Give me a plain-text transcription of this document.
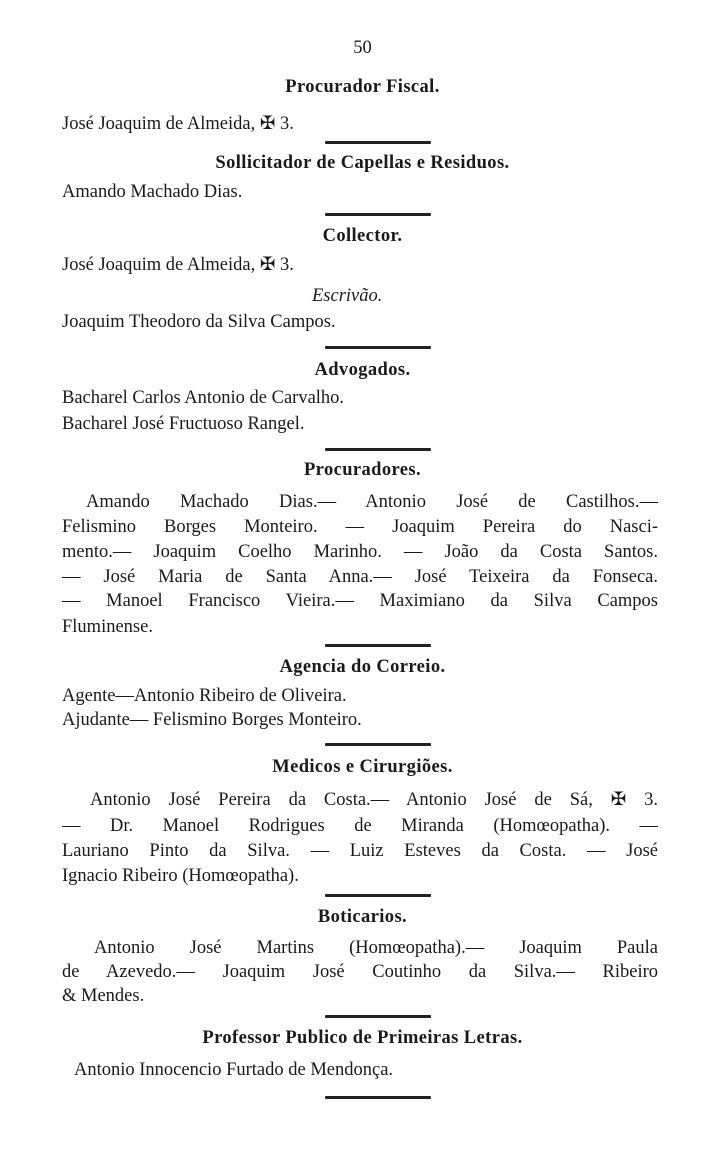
50
Procurador Fiscal.
José Joaquim de Almeida, ✠ 3.
Sollicitador de Capellas e Residuos.
Amando Machado Dias.
Collector.
José Joaquim de Almeida, ✠ 3.
Escrivão.
Joaquim Theodoro da Silva Campos.
Advogados.
Bacharel Carlos Antonio de Carvalho.
Bacharel José Fructuoso Rangel.
Procuradores.
Amando Machado Dias.— Antonio José de Castilhos.—
Felismino Borges Monteiro. — Joaquim Pereira do Nasci-
mento.— Joaquim Coelho Marinho. — João da Costa Santos.
— José Maria de Santa Anna.— José Teixeira da Fonseca.
— Manoel Francisco Vieira.— Maximiano da Silva Campos
Fluminense.
Agencia do Correio.
Agente—Antonio Ribeiro de Oliveira.
Ajudante— Felismino Borges Monteiro.
Medicos e Cirurgiões.
Antonio José Pereira da Costa.— Antonio José de Sá, ✠ 3.
— Dr. Manoel Rodrigues de Miranda (Homœopatha). —
Lauriano Pinto da Silva. — Luiz Esteves da Costa. — José
Ignacio Ribeiro (Homœopatha).
Boticarios.
Antonio José Martins (Homœopatha).— Joaquim Paula
de Azevedo.— Joaquim José Coutinho da Silva.— Ribeiro
& Mendes.
Professor Publico de Primeiras Letras.
Antonio Innocencio Furtado de Mendonça.
